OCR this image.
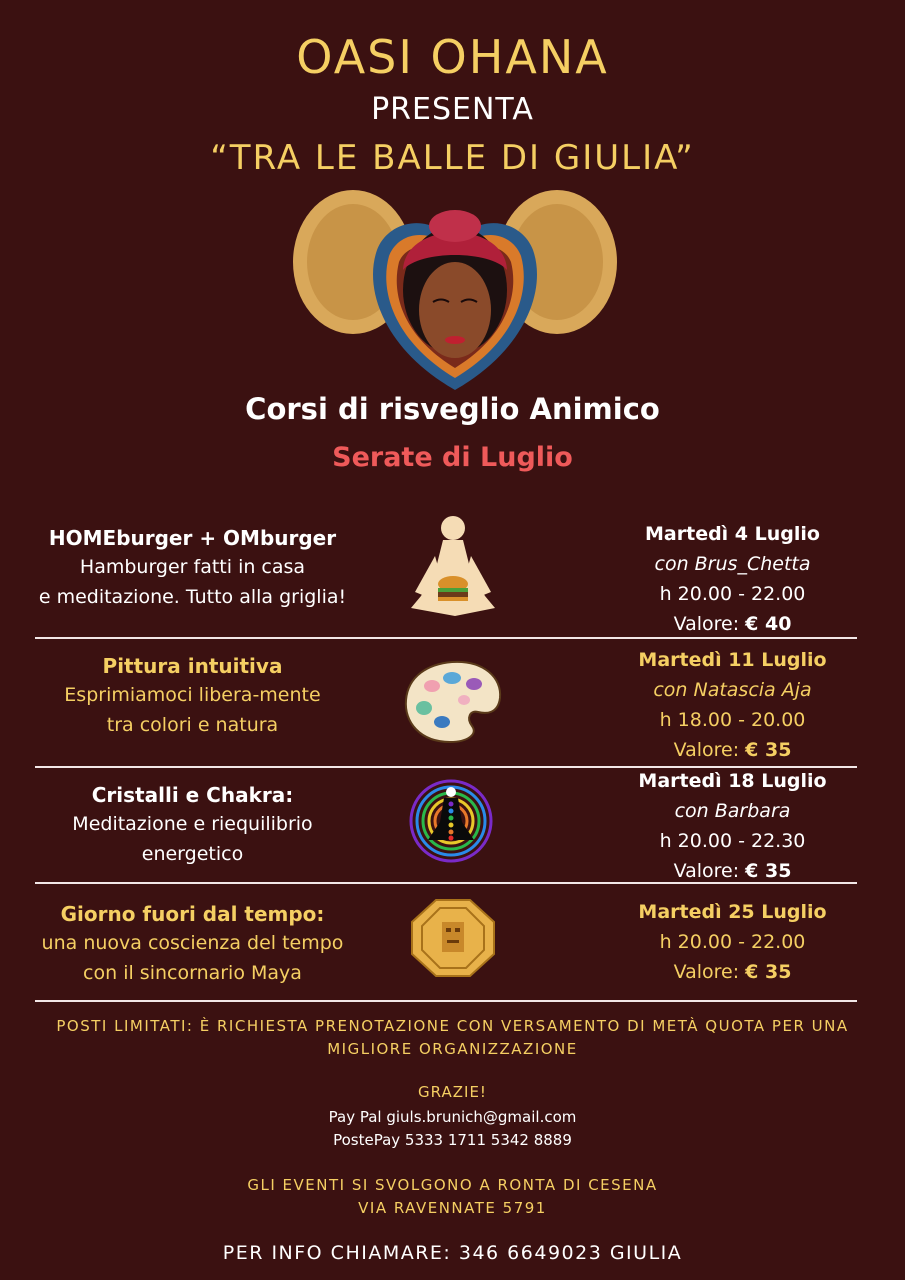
OASI OHANA
PRESENTA
“TRA LE BALLE DI GIULIA”
Corsi di risveglio Animico
Serate di Luglio
HOMEburger + OMburger
Hamburger fatti in casa
e meditazione. Tutto alla griglia!
Martedì 4 Luglio
con Brus_Chetta
h 20.00 - 22.00
Valore: € 40
Pittura intuitiva
Esprimiamoci libera-mente
tra colori e natura
Martedì 11 Luglio
con Natascia Aja
h 18.00 - 20.00
Valore: € 35
Cristalli e Chakra:
Meditazione e riequilibrio
energetico
Martedì 18 Luglio
con Barbara
h 20.00 - 22.30
Valore: € 35
Giorno fuori dal tempo:
una nuova coscienza del tempo
con il sincornario Maya
Martedì 25 Luglio
h 20.00 - 22.00
Valore: € 35
POSTI LIMITATI: È RICHIESTA PRENOTAZIONE CON VERSAMENTO DI METÀ QUOTA PER UNA MIGLIORE ORGANIZZAZIONE
GRAZIE!
Pay Pal giuls.brunich@gmail.com
PostePay 5333 1711 5342 8889
GLI EVENTI SI SVOLGONO A RONTA DI CESENA
VIA RAVENNATE 5791
PER INFO CHIAMARE: 346 6649023 GIULIA
